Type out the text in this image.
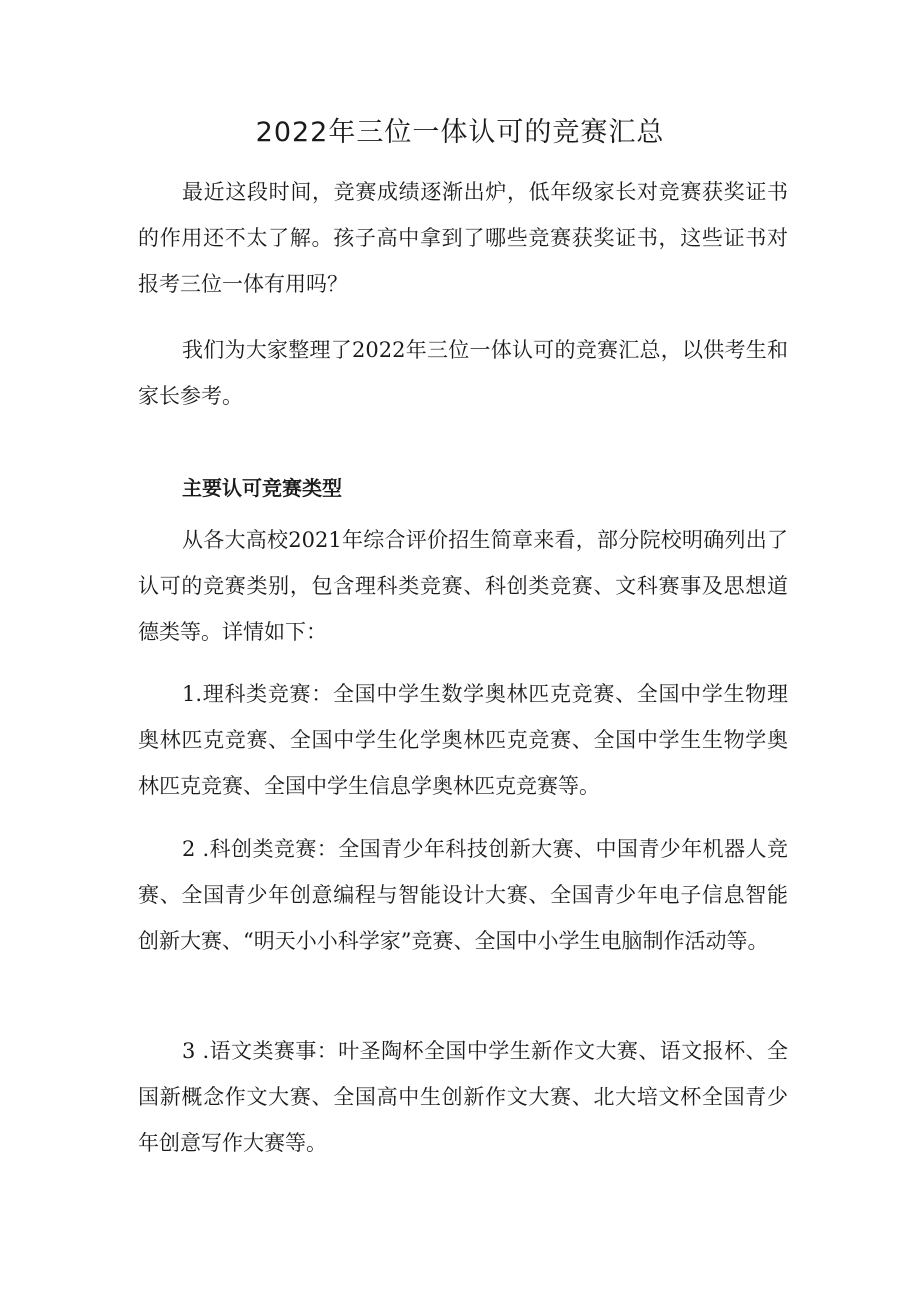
2022年三位一体认可的竞赛汇总

最近这段时间，竞赛成绩逐渐出炉，低年级家长对竞赛获奖证书的作用还不太了解。孩子高中拿到了哪些竞赛获奖证书，这些证书对报考三位一体有用吗？

我们为大家整理了2022年三位一体认可的竞赛汇总，以供考生和家长参考。

主要认可竞赛类型

从各大高校2021年综合评价招生简章来看，部分院校明确列出了认可的竞赛类别，包含理科类竞赛、科创类竞赛、文科赛事及思想道德类等。详情如下：

1.理科类竞赛：全国中学生数学奥林匹克竞赛、全国中学生物理奥林匹克竞赛、全国中学生化学奥林匹克竞赛、全国中学生生物学奥林匹克竞赛、全国中学生信息学奥林匹克竞赛等。

2 .科创类竞赛：全国青少年科技创新大赛、中国青少年机器人竞赛、全国青少年创意编程与智能设计大赛、全国青少年电子信息智能创新大赛、“明天小小科学家”竞赛、全国中小学生电脑制作活动等。

3 .语文类赛事：叶圣陶杯全国中学生新作文大赛、语文报杯、全国新概念作文大赛、全国高中生创新作文大赛、北大培文杯全国青少年创意写作大赛等。
